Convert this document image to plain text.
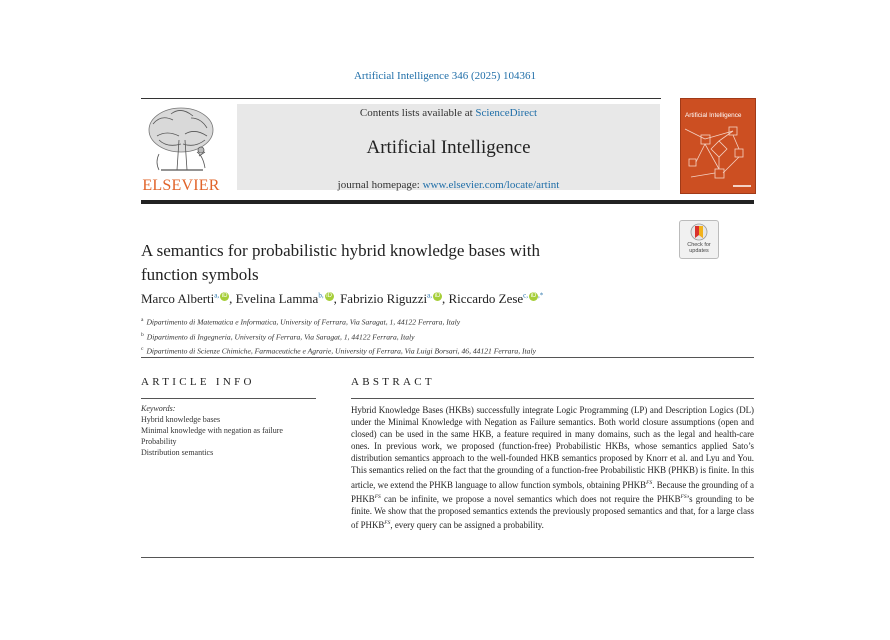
Artificial Intelligence 346 (2025) 104361
ELSEVIER
Contents lists available at ScienceDirect
Artificial Intelligence
journal homepage: www.elsevier.com/locate/artint
Artificial Intelligence
Check for
updates
A semantics for probabilistic hybrid knowledge bases with
function symbols
Marco Alberti$^{a,}$ iD , Evelina Lamma$^{b,}$ iD , Fabrizio Riguzzi$^{a,}$ iD , Riccardo Zese$^{c,}$ iD ,*
$^a$ Dipartimento di Matematica e Informatica, University of Ferrara, Via Saragat, 1, 44122 Ferrara, Italy
$^b$ Dipartimento di Ingegneria, University of Ferrara, Via Saragat, 1, 44122 Ferrara, Italy
$^c$ Dipartimento di Scienze Chimiche, Farmaceutiche e Agrarie, University of Ferrara, Via Luigi Borsari, 46, 44121 Ferrara, Italy
ARTICLE INFO	ABSTRACT
Keywords:
Hybrid knowledge bases
Minimal knowledge with negation as failure
Probability
Distribution semantics
Hybrid Knowledge Bases (HKBs) successfully integrate Logic Programming (LP) and Description Logics (DL) under the Minimal Knowledge with Negation as Failure semantics. Both world closure assumptions (open and closed) can be used in the same HKB, a feature required in many domains, such as the legal and health-care ones. In previous work, we proposed (function-free) Probabilistic HKBs, whose semantics applied Sato’s distribution semantics approach to the well-founded HKB semantics proposed by Knorr et al. and Lyu and You. This semantics relied on the fact that the grounding of a function-free Probabilistic HKB (PHKB) is finite. In this article, we extend the PHKB language to allow function symbols, obtaining $PHKB^{FS}$. Because the grounding of a $PHKB^{FS}$ can be infinite, we propose a novel semantics which does not require the $PHKB^{FS}’s$ grounding to be finite. We show that the proposed semantics extends the previously proposed semantics and that, for a large class of $PHKB^{FS}$, every query can be assigned a probability.
